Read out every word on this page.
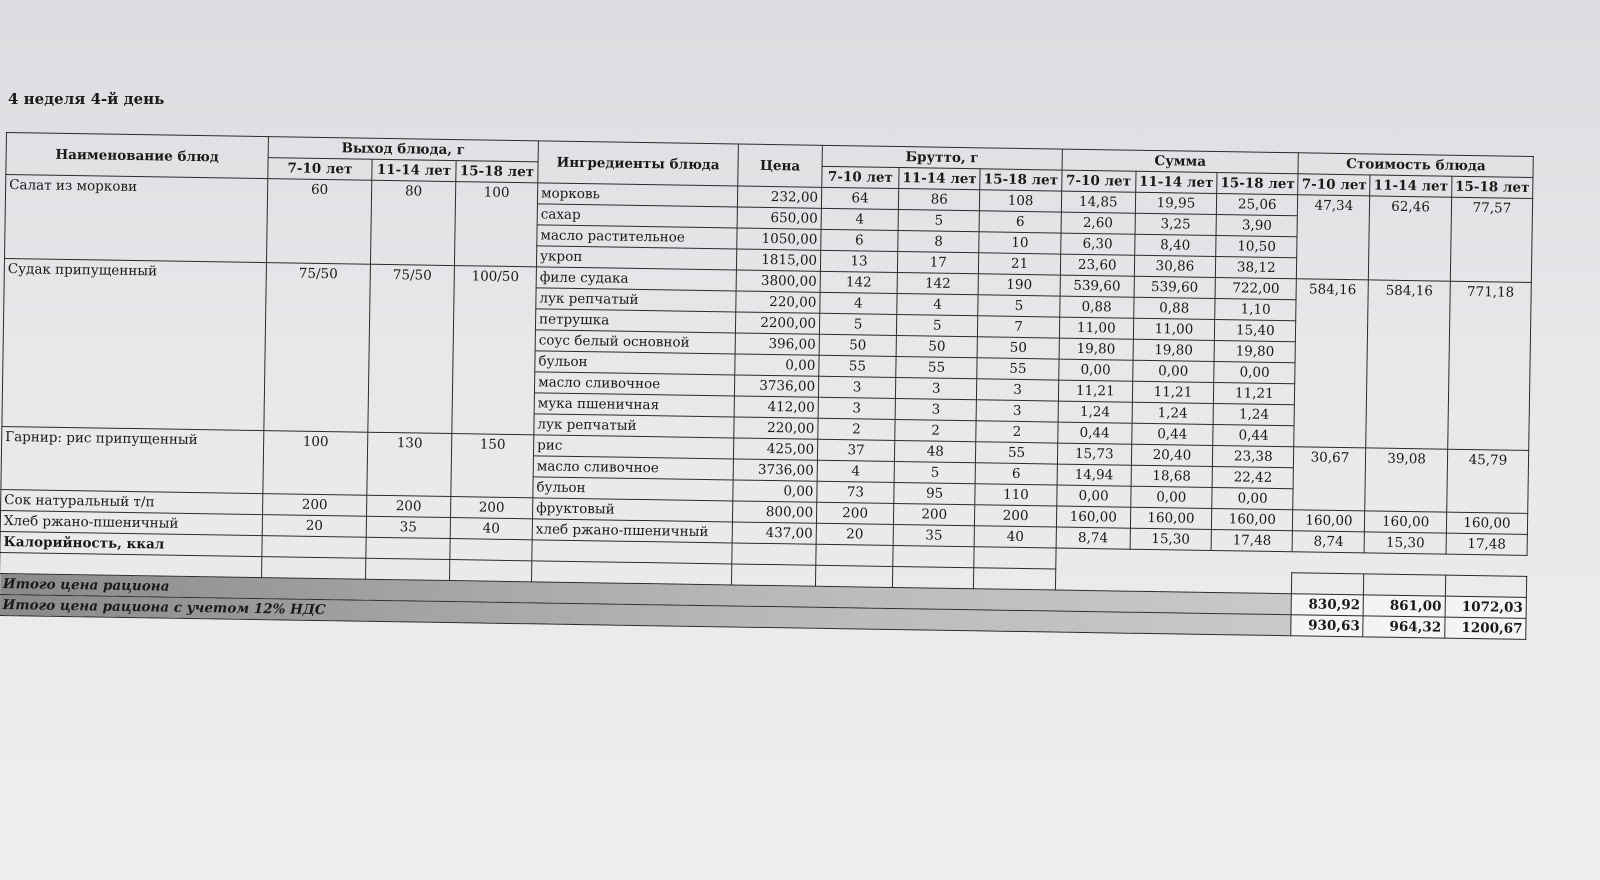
4 неделя 4-й день
Наименование блюд	Выход блюда, г			Ингредиенты блюда	Цена	Брутто, г			Сумма			Стоимость блюда		
	7-10 лет	11-14 лет	15-18 лет			7-10 лет	11-14 лет	15-18 лет	7-10 лет	11-14 лет	15-18 лет	7-10 лет	11-14 лет	15-18 лет
Салат из моркови	60	80	100	морковь	232,00	64	86	108	14,85	19,95	25,06	47,34	62,46	77,57
				сахар	650,00	4	5	6	2,60	3,25	3,90			
				масло растительное	1050,00	6	8	10	6,30	8,40	10,50			
				укроп	1815,00	13	17	21	23,60	30,86	38,12			
Судак припущенный	75/50	75/50	100/50	филе судака	3800,00	142	142	190	539,60	539,60	722,00	584,16	584,16	771,18
				лук репчатый	220,00	4	4	5	0,88	0,88	1,10			
				петрушка	2200,00	5	5	7	11,00	11,00	15,40			
				соус белый основной	396,00	50	50	50	19,80	19,80	19,80			
				бульон	0,00	55	55	55	0,00	0,00	0,00			
				масло сливочное	3736,00	3	3	3	11,21	11,21	11,21			
				мука пшеничная	412,00	3	3	3	1,24	1,24	1,24			
				лук репчатый	220,00	2	2	2	0,44	0,44	0,44			
Гарнир: рис припущенный	100	130	150	рис	425,00	37	48	55	15,73	20,40	23,38	30,67	39,08	45,79
				масло сливочное	3736,00	4	5	6	14,94	18,68	22,42			
				бульон	0,00	73	95	110	0,00	0,00	0,00			
Сок натуральный т/п	200	200	200	фруктовый	800,00	200	200	200	160,00	160,00	160,00	160,00	160,00	160,00
Хлеб ржано-пшеничный	20	35	40	хлеб ржано-пшеничный	437,00	20	35	40	8,74	15,30	17,48	8,74	15,30	17,48
Калорийность, ккал														

Итого цена рациона												830,92	861,00	1072,03
Итого цена рациона с учетом 12% НДС												930,63	964,32	1200,67
